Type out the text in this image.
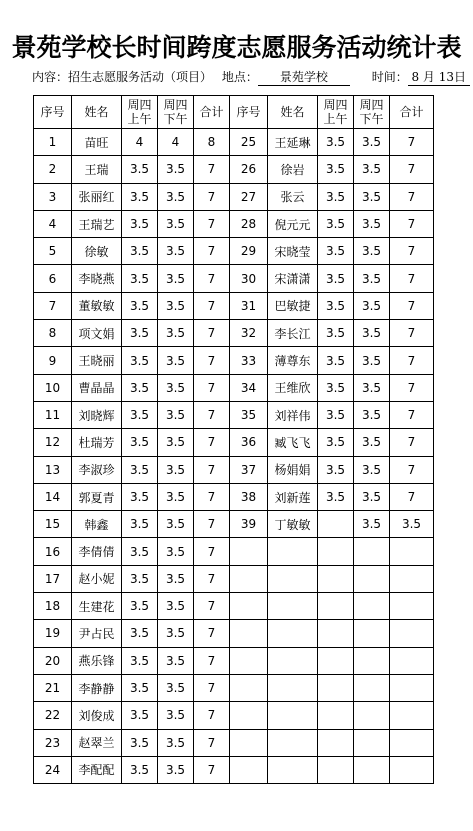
景苑学校长时间跨度志愿服务活动统计表
内容：招生志愿服务活动（项目） 地点： 景苑学校	时间： 8 月 13日
序号	姓名	周四上午	周四下午	合计	序号	姓名	周四上午	周四下午	合计
1	苗旺	4	4	8	25	王延琳	3.5	3.5	7
2	王瑞	3.5	3.5	7	26	徐岩	3.5	3.5	7
3	张丽红	3.5	3.5	7	27	张云	3.5	3.5	7
4	王瑞艺	3.5	3.5	7	28	倪元元	3.5	3.5	7
5	徐敏	3.5	3.5	7	29	宋晓莹	3.5	3.5	7
6	李晓燕	3.5	3.5	7	30	宋潇潇	3.5	3.5	7
7	董敏敏	3.5	3.5	7	31	巴敏捷	3.5	3.5	7
8	项文娟	3.5	3.5	7	32	李长江	3.5	3.5	7
9	王晓丽	3.5	3.5	7	33	薄尊东	3.5	3.5	7
10	曹晶晶	3.5	3.5	7	34	王维欣	3.5	3.5	7
11	刘晓辉	3.5	3.5	7	35	刘祥伟	3.5	3.5	7
12	杜瑞芳	3.5	3.5	7	36	臧飞飞	3.5	3.5	7
13	李淑珍	3.5	3.5	7	37	杨娟娟	3.5	3.5	7
14	郭夏青	3.5	3.5	7	38	刘新莲	3.5	3.5	7
15	韩鑫	3.5	3.5	7	39	丁敏敏		3.5	3.5
16	李倩倩	3.5	3.5	7					
17	赵小妮	3.5	3.5	7					
18	生建花	3.5	3.5	7					
19	尹占民	3.5	3.5	7					
20	燕乐锋	3.5	3.5	7					
21	李静静	3.5	3.5	7					
22	刘俊成	3.5	3.5	7					
23	赵翠兰	3.5	3.5	7					
24	李配配	3.5	3.5	7					
